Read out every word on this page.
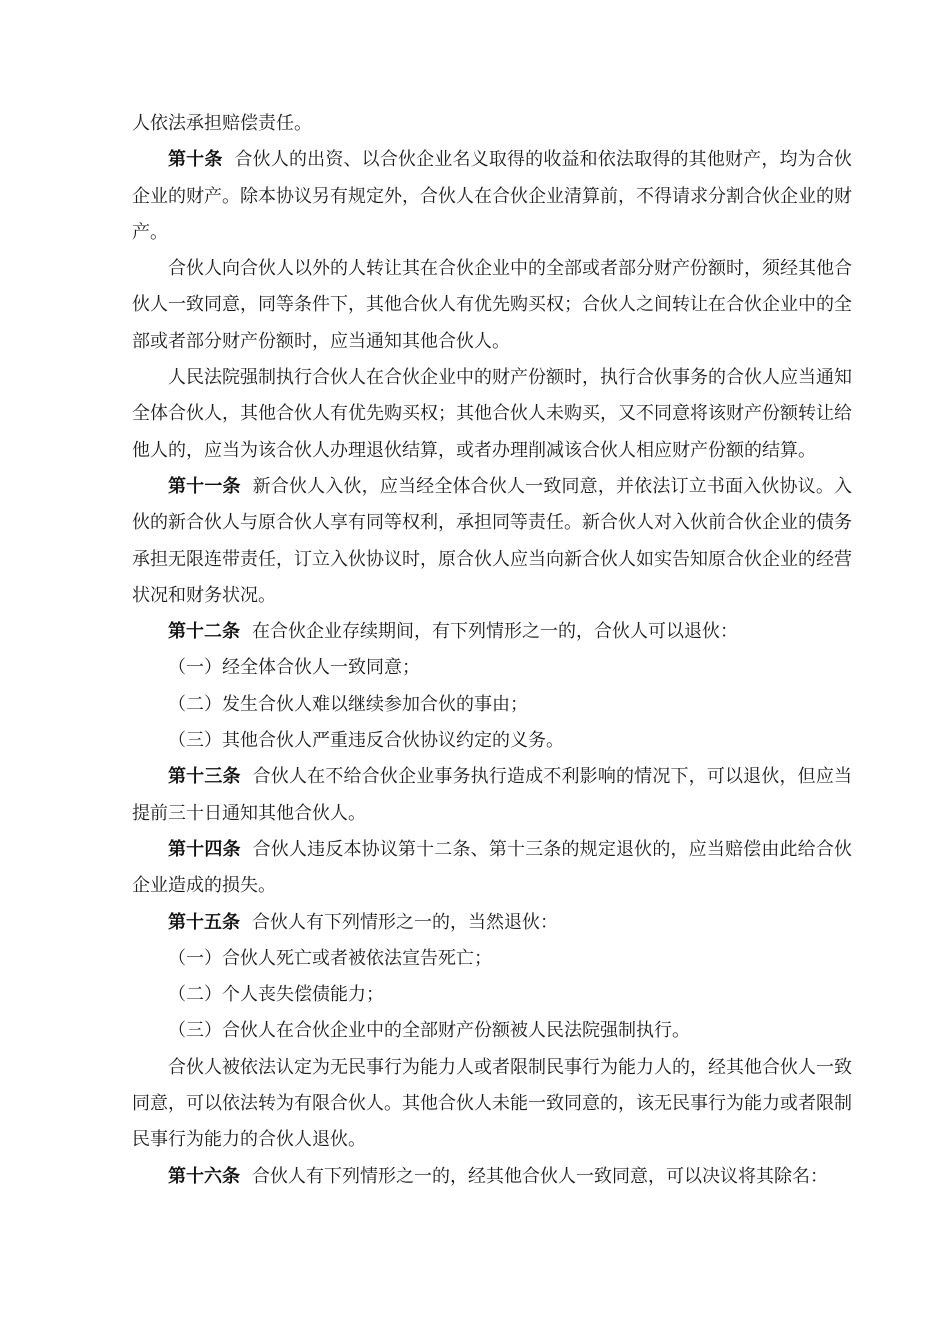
人依法承担赔偿责任。

第十条 合伙人的出资、以合伙企业名义取得的收益和依法取得的其他财产，均为合伙企业的财产。除本协议另有规定外，合伙人在合伙企业清算前，不得请求分割合伙企业的财产。

合伙人向合伙人以外的人转让其在合伙企业中的全部或者部分财产份额时，须经其他合伙人一致同意，同等条件下，其他合伙人有优先购买权；合伙人之间转让在合伙企业中的全部或者部分财产份额时，应当通知其他合伙人。

人民法院强制执行合伙人在合伙企业中的财产份额时，执行合伙事务的合伙人应当通知全体合伙人，其他合伙人有优先购买权；其他合伙人未购买，又不同意将该财产份额转让给他人的，应当为该合伙人办理退伙结算，或者办理削减该合伙人相应财产份额的结算。

第十一条 新合伙人入伙，应当经全体合伙人一致同意，并依法订立书面入伙协议。入伙的新合伙人与原合伙人享有同等权利，承担同等责任。新合伙人对入伙前合伙企业的债务承担无限连带责任，订立入伙协议时，原合伙人应当向新合伙人如实告知原合伙企业的经营状况和财务状况。

第十二条 在合伙企业存续期间，有下列情形之一的，合伙人可以退伙：

（一）经全体合伙人一致同意；

（二）发生合伙人难以继续参加合伙的事由；

（三）其他合伙人严重违反合伙协议约定的义务。

第十三条 合伙人在不给合伙企业事务执行造成不利影响的情况下，可以退伙，但应当提前三十日通知其他合伙人。

第十四条 合伙人违反本协议第十二条、第十三条的规定退伙的，应当赔偿由此给合伙企业造成的损失。

第十五条 合伙人有下列情形之一的，当然退伙：

（一）合伙人死亡或者被依法宣告死亡；

（二）个人丧失偿债能力；

（三）合伙人在合伙企业中的全部财产份额被人民法院强制执行。

合伙人被依法认定为无民事行为能力人或者限制民事行为能力人的，经其他合伙人一致同意，可以依法转为有限合伙人。其他合伙人未能一致同意的，该无民事行为能力或者限制民事行为能力的合伙人退伙。

第十六条 合伙人有下列情形之一的，经其他合伙人一致同意，可以决议将其除名：
